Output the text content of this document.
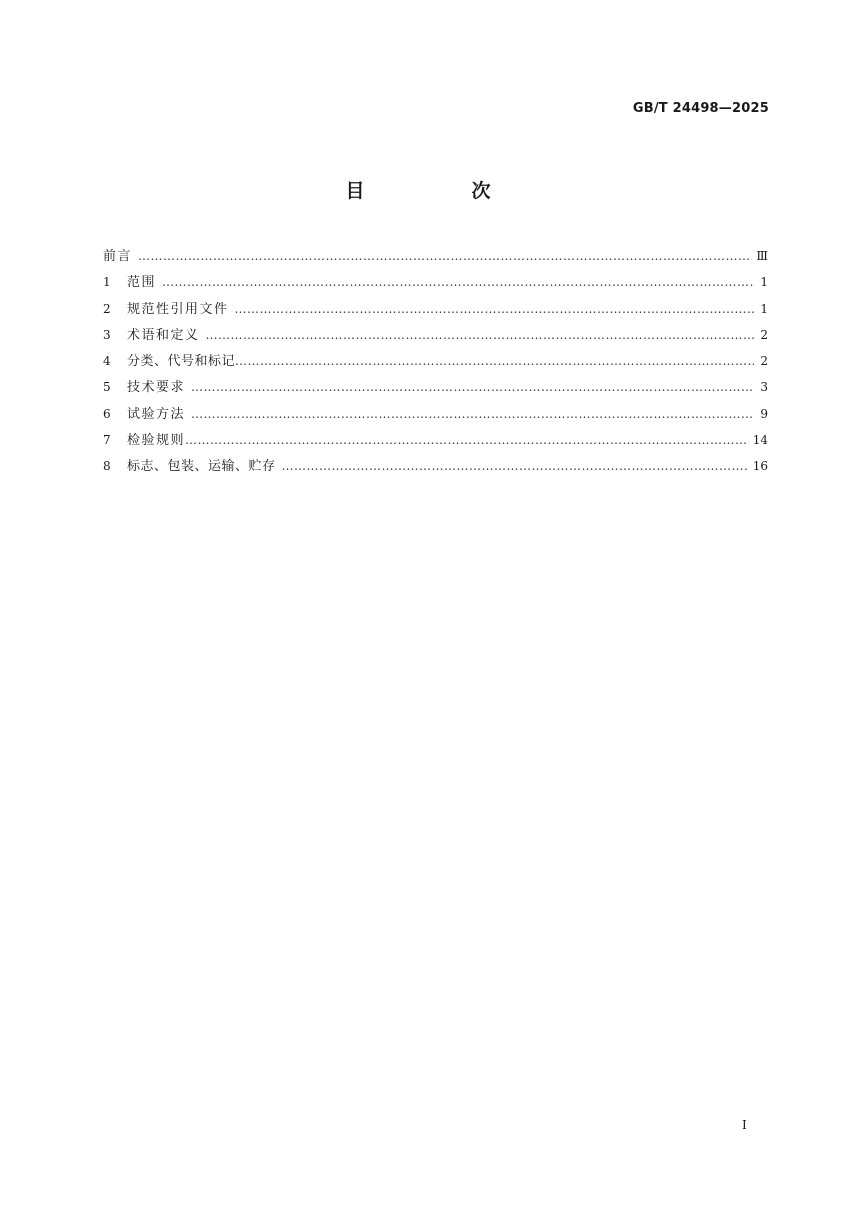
GB/T 24498—2025
目　次
前言 …………………………………………………………………………………………………………………………………………………………………………………………………………………………………………………………………………	Ⅲ
1	范围 …………………………………………………………………………………………………………………………………………………………………………………………………………………………………………………………………………	1
2	规范性引用文件 …………………………………………………………………………………………………………………………………………………………………………………………………………………………………………………………………………	1
3	术语和定义 …………………………………………………………………………………………………………………………………………………………………………………………………………………………………………………………………………	2
4	分类、代号和标记 …………………………………………………………………………………………………………………………………………………………………………………………………………………………………………………………………………	2
5	技术要求 …………………………………………………………………………………………………………………………………………………………………………………………………………………………………………………………………………	3
6	试验方法 …………………………………………………………………………………………………………………………………………………………………………………………………………………………………………………………………………	9
7	检验规则 …………………………………………………………………………………………………………………………………………………………………………………………………………………………………………………………………………	14
8	标志、包装、运输、贮存 …………………………………………………………………………………………………………………………………………………………………………………………………………………………………………………………………………	16
Ⅰ
